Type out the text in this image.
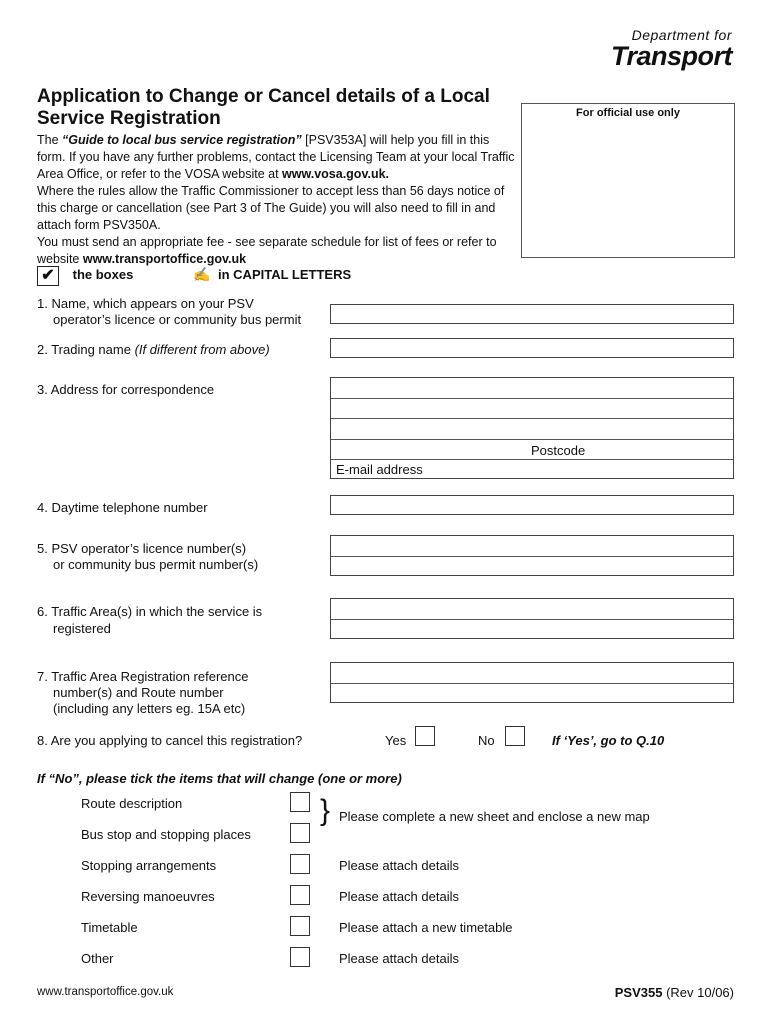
Department for
Transport
Application to Change or Cancel details of a Local Service Registration	For official use only

The “Guide to local bus service registration” [PSV353A] will help you fill in this form. If you have any further problems, contact the Licensing Team at your local Traffic Area Office, or refer to the VOSA website at www.vosa.gov.uk.

Where the rules allow the Traffic Commissioner to accept less than 56 days notice of this charge or cancellation (see Part 3 of The Guide) you will also need to fill in and attach form PSV350A.

You must send an appropriate fee - see separate schedule for list of fees or refer to website www.transportoffice.gov.uk

✔ the boxes	✍ in CAPITAL LETTERS
1. Name, which appears on your PSV
operator’s licence or community bus permit
2. Trading name (If different from above)
3. Address for correspondence
Postcode
E-mail address
4. Daytime telephone number
5. PSV operator’s licence number(s)
or community bus permit number(s)
6. Traffic Area(s) in which the service is
registered
7. Traffic Area Registration reference
number(s) and Route number
(including any letters eg. 15A etc)
8. Are you applying to cancel this registration?	Yes	No	If ‘Yes’, go to Q.10
If “No”, please tick the items that will change (one or more)
Route description
Bus stop and stopping places
} Please complete a new sheet and enclose a new map
Stopping arrangements	Please attach details
Reversing manoeuvres	Please attach details
Timetable	Please attach a new timetable
Other	Please attach details
www.transportoffice.gov.uk	PSV355 (Rev 10/06)
